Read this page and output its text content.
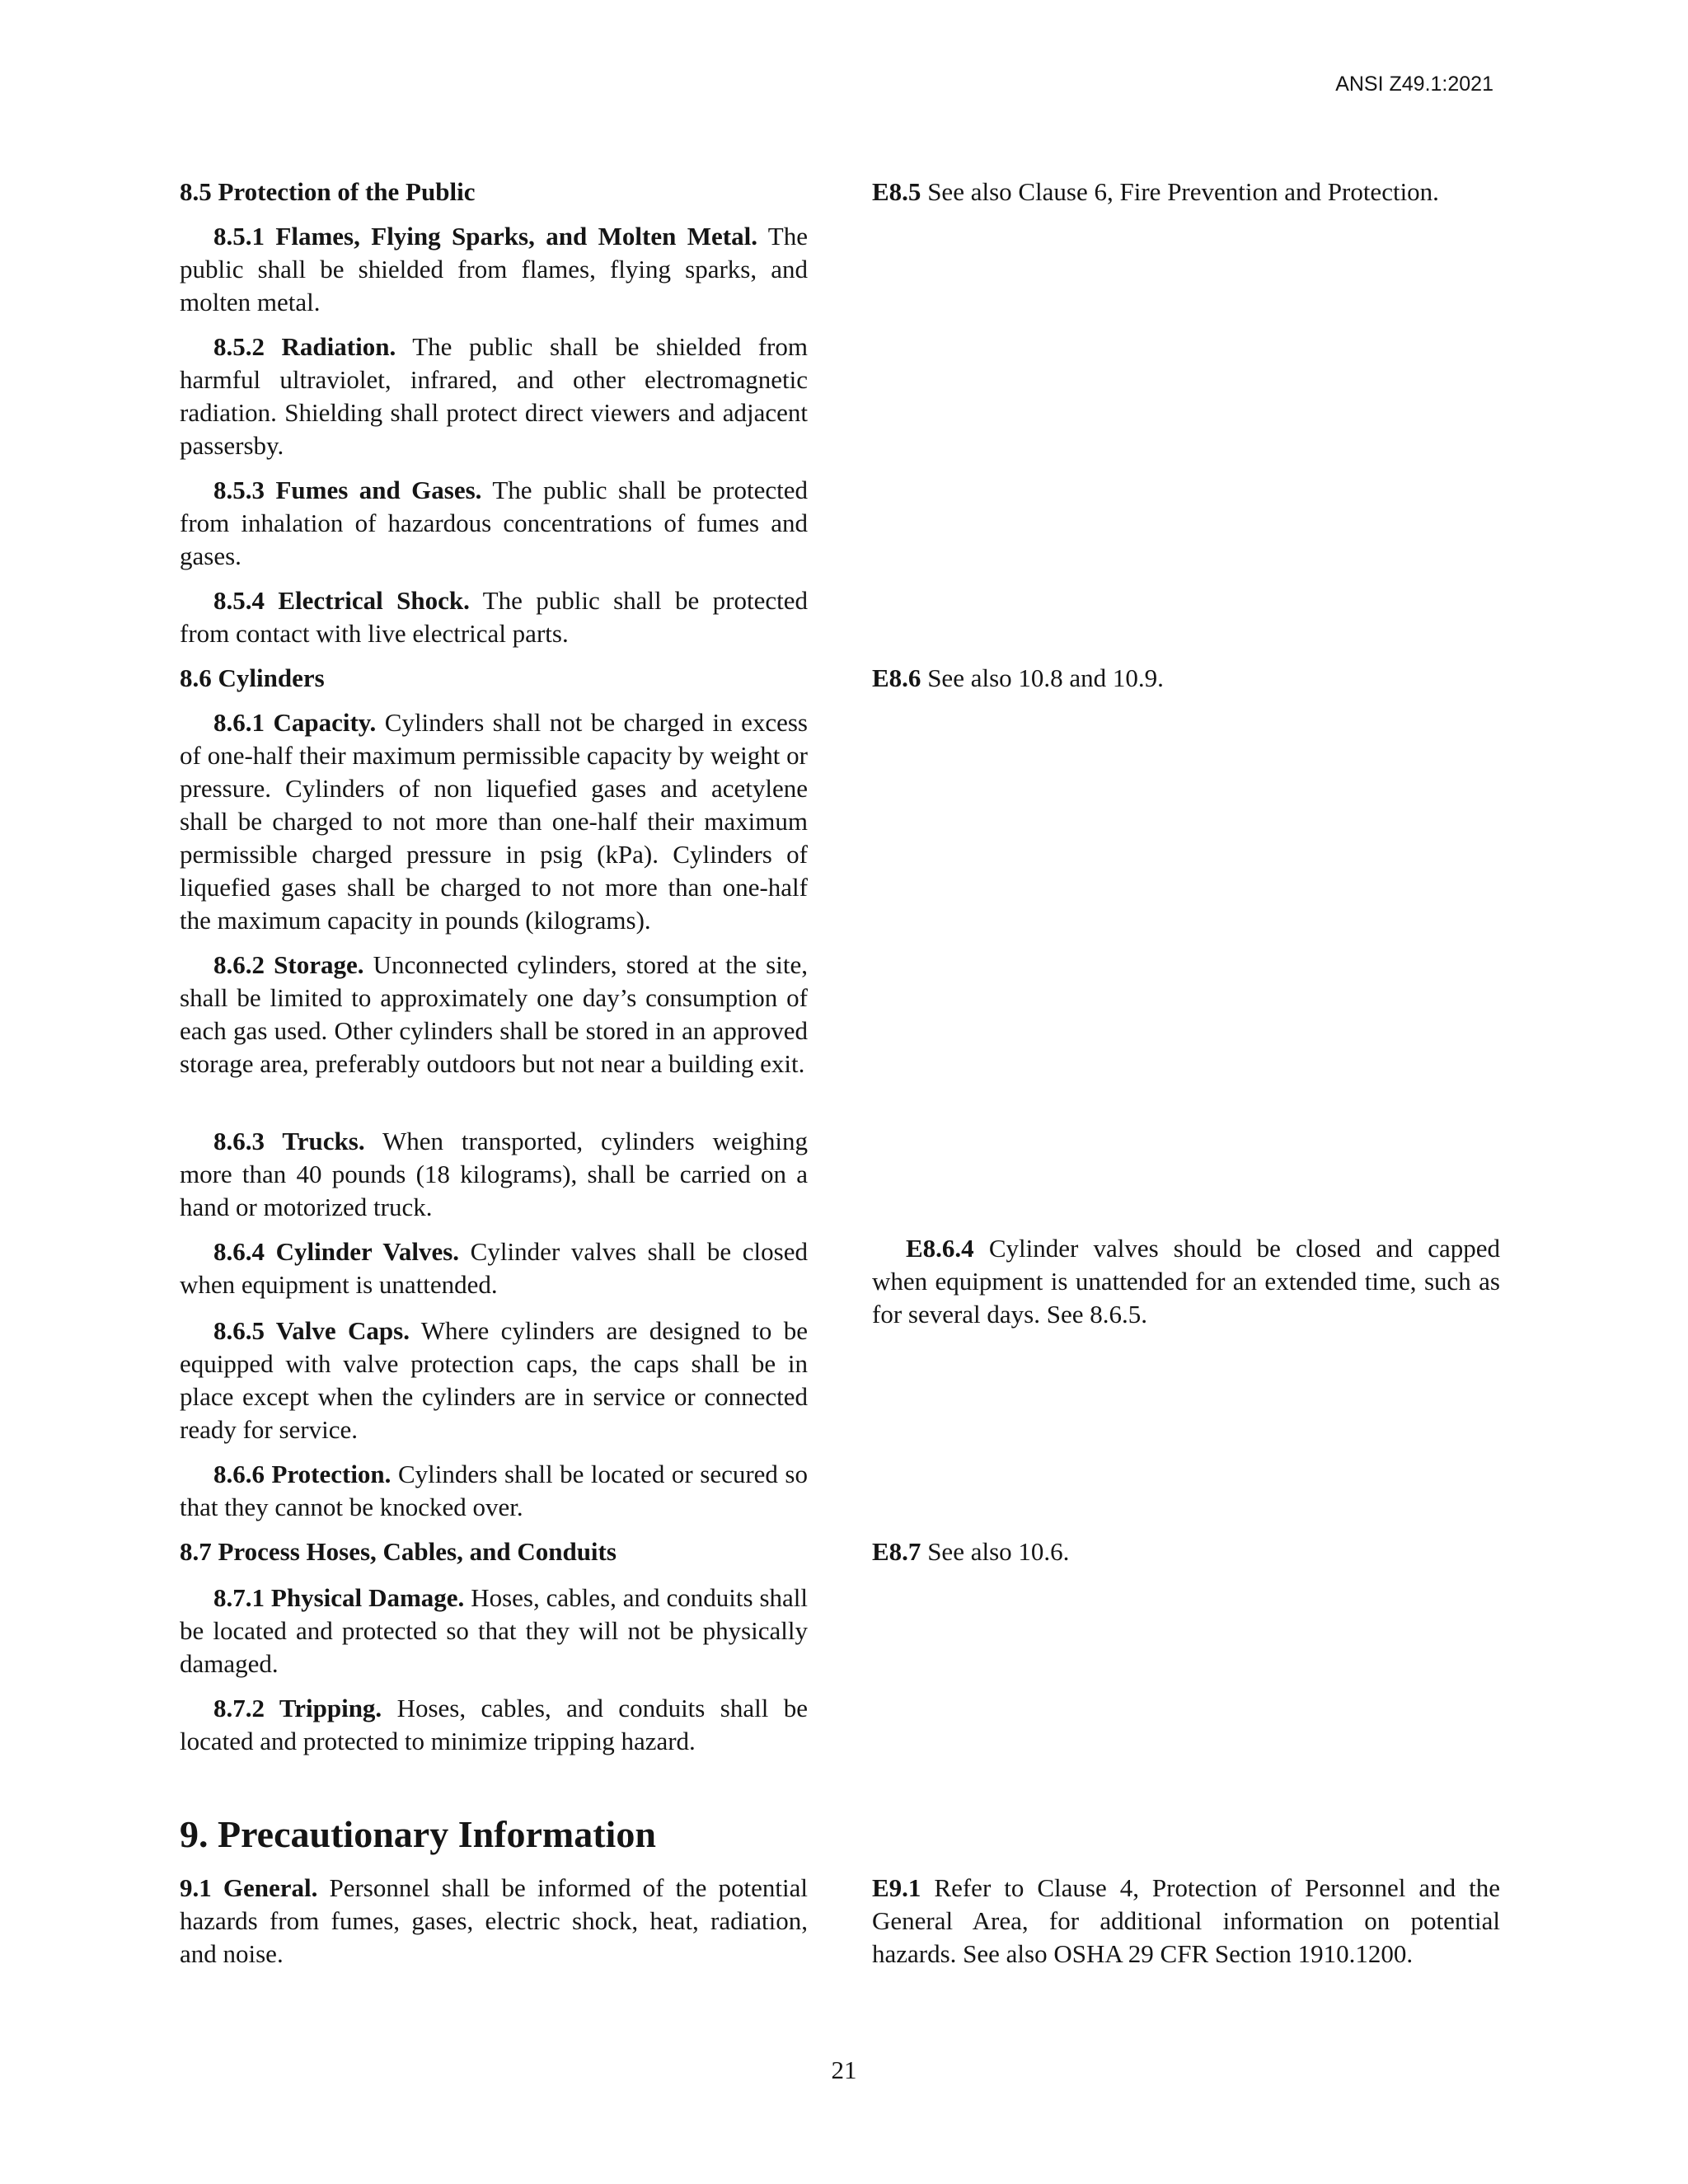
ANSI Z49.1:2021

8.5 Protection of the Public

8.5.1 Flames, Flying Sparks, and Molten Metal. The public shall be shielded from flames, flying sparks, and molten metal.

8.5.2 Radiation. The public shall be shielded from harmful ultraviolet, infrared, and other electromagnetic radiation. Shielding shall protect direct viewers and adjacent passersby.

8.5.3 Fumes and Gases. The public shall be protected from inhalation of hazardous concentrations of fumes and gases.

8.5.4 Electrical Shock. The public shall be protected from contact with live electrical parts.

8.6 Cylinders

8.6.1 Capacity. Cylinders shall not be charged in excess of one-half their maximum permissible capacity by weight or pressure. Cylinders of non liquefied gases and acetylene shall be charged to not more than one-half their maximum permissible charged pressure in psig (kPa). Cylinders of liquefied gases shall be charged to not more than one-half the maximum capacity in pounds (kilograms).

8.6.2 Storage. Unconnected cylinders, stored at the site, shall be limited to approximately one day’s consumption of each gas used. Other cylinders shall be stored in an approved storage area, preferably outdoors but not near a building exit.

8.6.3 Trucks. When transported, cylinders weighing more than 40 pounds (18 kilograms), shall be carried on a hand or motorized truck.

8.6.4 Cylinder Valves. Cylinder valves shall be closed when equipment is unattended.

8.6.5 Valve Caps. Where cylinders are designed to be equipped with valve protection caps, the caps shall be in place except when the cylinders are in service or connected ready for service.

8.6.6 Protection. Cylinders shall be located or secured so that they cannot be knocked over.

8.7 Process Hoses, Cables, and Conduits

8.7.1 Physical Damage. Hoses, cables, and conduits shall be located and protected so that they will not be physically damaged.

8.7.2 Tripping. Hoses, cables, and conduits shall be located and protected to minimize tripping hazard.

9. Precautionary Information

9.1 General. Personnel shall be informed of the potential hazards from fumes, gases, electric shock, heat, radiation, and noise.

E8.5 See also Clause 6, Fire Prevention and Protection.

E8.6 See also 10.8 and 10.9.

E8.6.4 Cylinder valves should be closed and capped when equipment is unattended for an extended time, such as for several days. See 8.6.5.

E8.7 See also 10.6.

E9.1 Refer to Clause 4, Protection of Personnel and the General Area, for additional information on potential hazards. See also OSHA 29 CFR Section 1910.1200.

21
